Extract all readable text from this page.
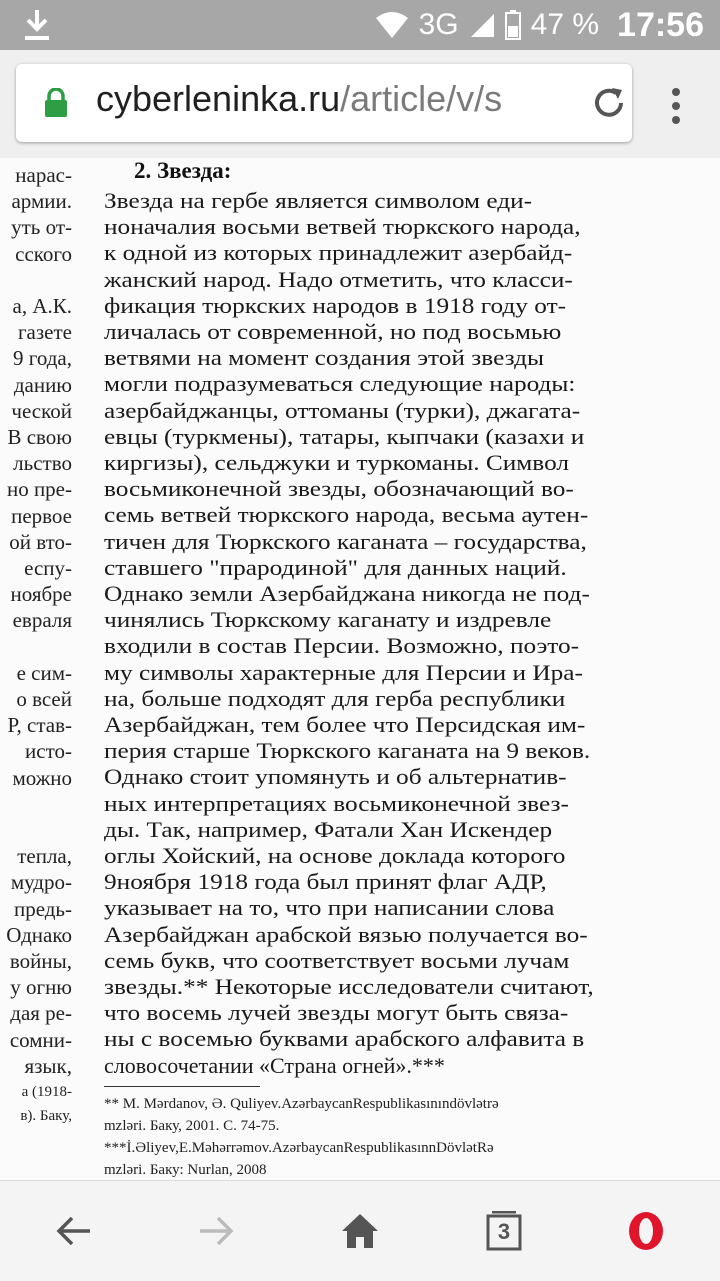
3G 47 % 17:56
cyberleninka.ru/article/v/s
нарас-
армии.
уть от-
сского
а, А.К.
газете
9 года,
данию
ческой
В свою
льство
но пре-
первое
ой вто-
еспу-
ноябре
евраля
е сим-
о всей
Р, став-
исто-
можно
тепла,
мудро-
предь-
Однако
войны,
у огню
дая ре-
сомни-
язык,
а (1918-
в). Баку,
2. Звезда:
Звезда на гербе является символом еди-
ноначалия восьми ветвей тюркского народа,
к одной из которых принадлежит азербайд-
жанский народ. Надо отметить, что класси-
фикация тюркских народов в 1918 году от-
личалась от современной, но под восьмью
ветвями на момент создания этой звезды
могли подразумеваться следующие народы:
азербайджанцы, оттоманы (турки), джагата-
евцы (туркмены), татары, кыпчаки (казахи и
киргизы), сельджуки и туркоманы. Символ
восьмиконечной звезды, обозначающий во-
семь ветвей тюркского народа, весьма аутен-
тичен для Тюркского каганата – государства,
ставшего "прародиной" для данных наций.
Однако земли Азербайджана никогда не под-
чинялись Тюркскому каганату и издревле
входили в состав Персии. Возможно, поэто-
му символы характерные для Персии и Ира-
на, больше подходят для герба республики
Азербайджан, тем более что Персидская им-
перия старше Тюркского каганата на 9 веков.
Однако стоит упомянуть и об альтернатив-
ных интерпретациях восьмиконечной звез-
ды. Так, например, Фатали Хан Искендер
оглы Хойский, на основе доклада которого
9ноября 1918 года был принят флаг АДР,
указывает на то, что при написании слова
Азербайджан арабской вязью получается во-
семь букв, что соответствует восьми лучам
звезды.** Некоторые исследователи считают,
что восемь лучей звезды могут быть связа-
ны с восемью буквами арабского алфавита в
словосочетании «Страна огней».***
** M. Mərdanov, Ə. Quliyev.AzərbaycanRespublikasınındövlətrə
mzləri. Баку, 2001. С. 74-75.
***İ.Əliyev,E.Məhərrəmov.AzərbaycanRespublikasınnDövlətRə
mzləri. Баку: Nurlan, 2008
3
